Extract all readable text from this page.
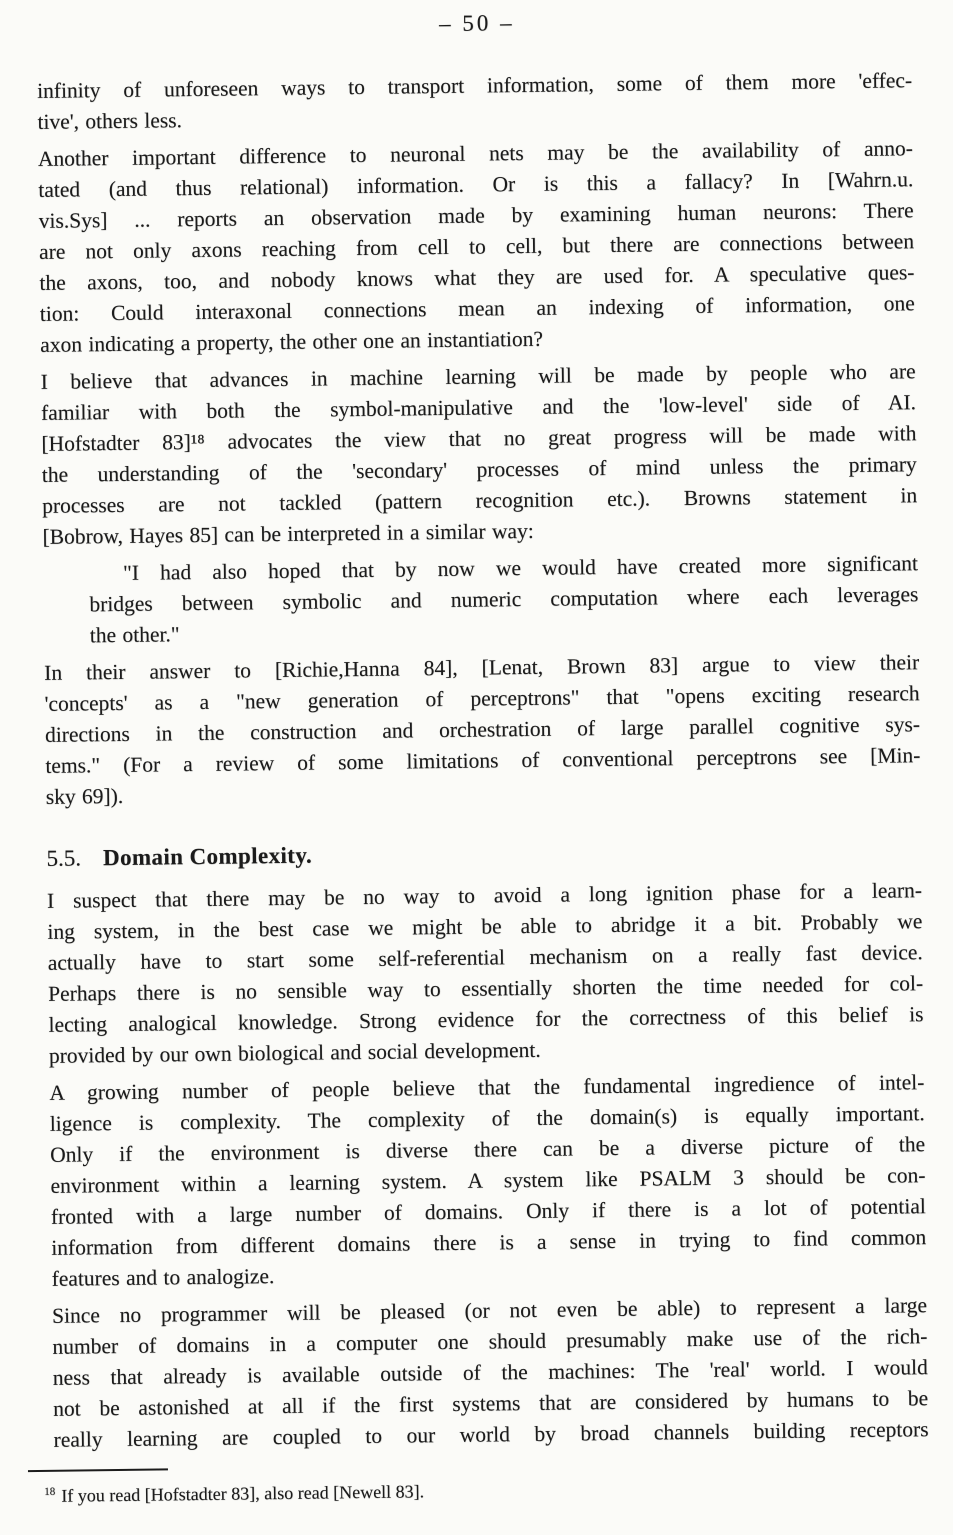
– 50 –
infinity of unforeseen ways to transport information, some of them more 'effec-
tive', others less.
Another important difference to neuronal nets may be the availability of anno-
tated (and thus relational) information. Or is this a fallacy? In [Wahrn.u.
vis.Sys] ... reports an observation made by examining human neurons: There
are not only axons reaching from cell to cell, but there are connections between
the axons, too, and nobody knows what they are used for. A speculative ques-
tion: Could interaxonal connections mean an indexing of information, one
axon indicating a property, the other one an instantiation?
I believe that advances in machine learning will be made by people who are
familiar with both the symbol-manipulative and the 'low-level' side of AI.
[Hofstadter 83]¹⁸ advocates the view that no great progress will be made with
the understanding of the 'secondary' processes of mind unless the primary
processes are not tackled (pattern recognition etc.). Browns statement in
[Bobrow, Hayes 85] can be interpreted in a similar way:
"I had also hoped that by now we would have created more significant
bridges between symbolic and numeric computation where each leverages
the other."
In their answer to [Richie,Hanna 84], [Lenat, Brown 83] argue to view their
'concepts' as a "new generation of perceptrons" that "opens exciting research
directions in the construction and orchestration of large parallel cognitive sys-
tems." (For a review of some limitations of conventional perceptrons see [Min-
sky 69]).
5.5. Domain Complexity.
I suspect that there may be no way to avoid a long ignition phase for a learn-
ing system, in the best case we might be able to abridge it a bit. Probably we
actually have to start some self-referential mechanism on a really fast device.
Perhaps there is no sensible way to essentially shorten the time needed for col-
lecting analogical knowledge. Strong evidence for the correctness of this belief is
provided by our own biological and social development.
A growing number of people believe that the fundamental ingredience of intel-
ligence is complexity. The complexity of the domain(s) is equally important.
Only if the environment is diverse there can be a diverse picture of the
environment within a learning system. A system like PSALM 3 should be con-
fronted with a large number of domains. Only if there is a lot of potential
information from different domains there is a sense in trying to find common
features and to analogize.
Since no programmer will be pleased (or not even be able) to represent a large
number of domains in a computer one should presumably make use of the rich-
ness that already is available outside of the machines: The 'real' world. I would
not be astonished at all if the first systems that are considered by humans to be
really learning are coupled to our world by broad channels building receptors
$^{18}$ If you read [Hofstadter 83], also read [Newell 83].
